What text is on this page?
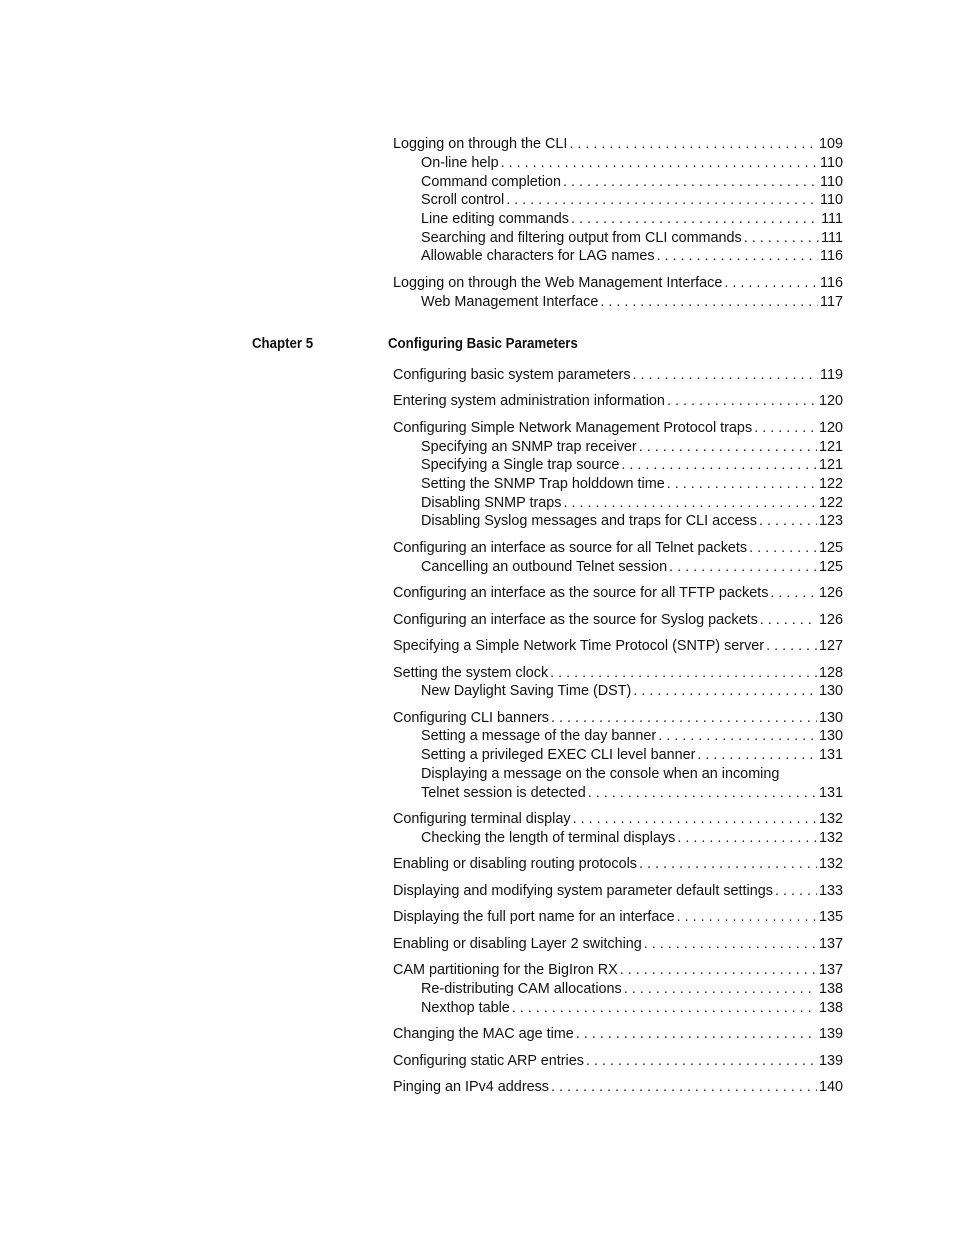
Logging on through the CLI . . .	109
On-line help . . .	110
Command completion . . .	110
Scroll control . . .	110
Line editing commands . . .	111
Searching and filtering output from CLI commands . . .	111
Allowable characters for LAG names . . .	116
Logging on through the Web Management Interface . . .	116
Web Management Interface . . .	117
Chapter 5	Configuring Basic Parameters
Configuring basic system parameters . . .	119
Entering system administration information . . .	120
Configuring Simple Network Management Protocol traps . . .	120
Specifying an SNMP trap receiver . . .	121
Specifying a Single trap source . . .	121
Setting the SNMP Trap holddown time . . .	122
Disabling SNMP traps . . .	122
Disabling Syslog messages and traps for CLI access . . .	123
Configuring an interface as source for all Telnet packets . . .	125
Cancelling an outbound Telnet session . . .	125
Configuring an interface as the source for all TFTP packets . . .	126
Configuring an interface as the source for Syslog packets . . .	126
Specifying a Simple Network Time Protocol (SNTP) server . . .	127
Setting the system clock . . .	128
New Daylight Saving Time (DST) . . .	130
Configuring CLI banners . . .	130
Setting a message of the day banner . . .	130
Setting a privileged EXEC CLI level banner . . .	131
Displaying a message on the console when an incoming
Telnet session is detected . . .	131
Configuring terminal display . . .	132
Checking the length of terminal displays . . .	132
Enabling or disabling routing protocols . . .	132
Displaying and modifying system parameter default settings . . .	133
Displaying the full port name for an interface . . .	135
Enabling or disabling Layer 2 switching . . .	137
CAM partitioning for the BigIron RX . . .	137
Re-distributing CAM allocations . . .	138
Nexthop table . . .	138
Changing the MAC age time . . .	139
Configuring static ARP entries . . .	139
Pinging an IPv4 address . . .	140
